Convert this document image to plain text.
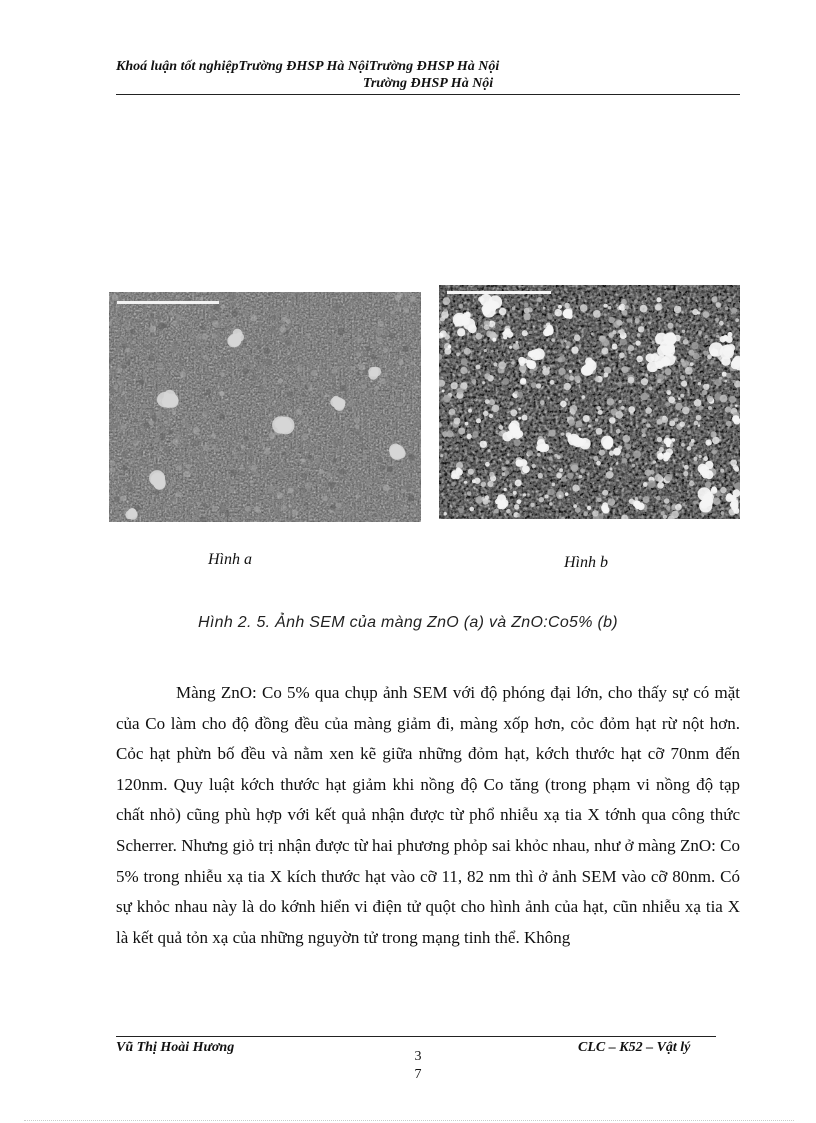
Khoá luận tốt nghiệpTrường ĐHSP Hà NộiTrường ĐHSP Hà Nội
Trường ĐHSP Hà Nội
Hình a	Hình b
Hình 2. 5. Ảnh SEM của màng ZnO (a) và ZnO:Co5% (b)

Màng ZnO: Co 5% qua chụp ảnh SEM với độ phóng đại lớn, cho thấy sự có mặt của Co làm cho độ đồng đều của màng giảm đi, màng xốp hơn, cỏc đỏm hạt rừ nột hơn. Cỏc hạt phừn bố đều và nằm xen kẽ giữa những đỏm hạt, kớch thước hạt cỡ 70nm đến 120nm. Quy luật kớch thước hạt giảm khi nồng độ Co tăng (trong phạm vi nồng độ tạp chất nhỏ) cũng phù hợp với kết quả nhận được từ phổ nhiễu xạ tia X tớnh qua công thức Scherrer. Nhưng giỏ trị nhận được từ hai phương phỏp sai khỏc nhau, như ở màng ZnO: Co 5% trong nhiễu xạ tia X kích thước hạt vào cỡ 11, 82 nm thì ở ảnh SEM vào cỡ 80nm. Có sự khỏc nhau này là do kớnh hiển vi điện tử quột cho hình ảnh của hạt, cũn nhiễu xạ tia X là kết quả tỏn xạ của những nguyờn tử trong mạng tinh thể. Không

Vũ Thị Hoài Hương
3
7
CLC – K52 – Vật lý
